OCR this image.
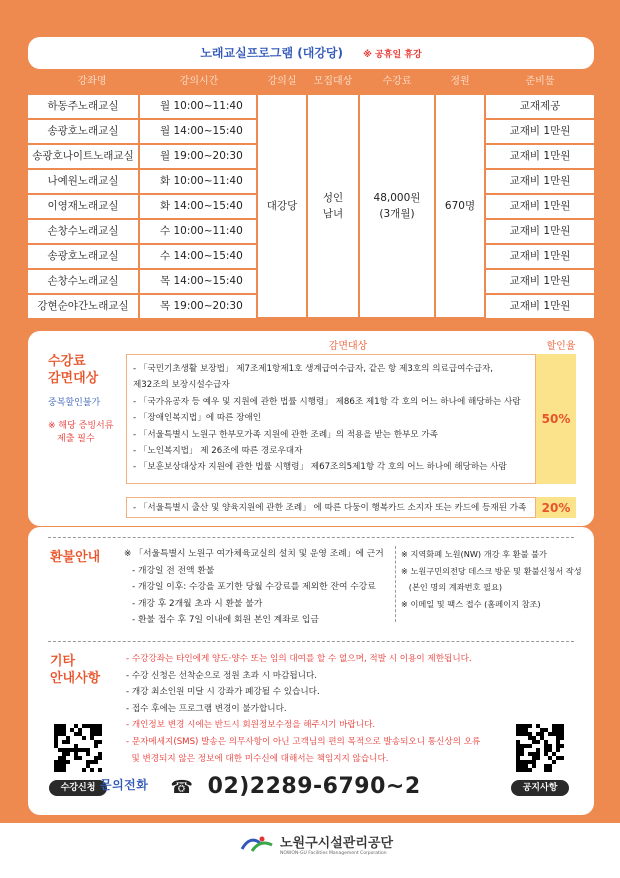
노래교실프로그램 (대강당) ※ 공휴일 휴강
강좌명	강의시간	강의실	모집대상	수강료	정원	준비물
하동주노래교실	월 10:00~11:40	교재제공
송광호노래교실	월 14:00~15:40	교재비 1만원
송광호나이트노래교실	월 19:00~20:30	교재비 1만원
나예원노래교실	화 10:00~11:40	교재비 1만원
이영재노래교실	화 14:00~15:40	교재비 1만원
손창수노래교실	수 10:00~11:40	교재비 1만원
송광호노래교실	수 14:00~15:40	교재비 1만원
손창수노래교실	목 14:00~15:40	교재비 1만원
강현순야간노래교실	목 19:00~20:30	교재비 1만원
대강당
성인
남녀
48,000원
(3개월)
670명
수강료
감면대상
중복할인불가
※ 해당 증빙서류
제출 필수
감면대상	할인율
- 「국민기초생활 보장법」 제7조제1항제1호 생계급여수급자, 같은 항 제3호의 의료급여수급자,
제32조의 보장시설수급자
- 「국가유공자 등 예우 및 지원에 관한 법률 시행령」 제86조 제1항 각 호의 어느 하나에 해당하는 사람
- 「장애인복지법」에 따른 장애인
- 「서울특별시 노원구 한부모가족 지원에 관한 조례」의 적용을 받는 한부모 가족
- 「노인복지법」 제 26조에 따른 경로우대자
- 「보훈보상대상자 지원에 관한 법률 시행령」 제67조의5제1항 각 호의 어느 하나에 해당하는 사람
50%
- 「서울특별시 출산 및 양육지원에 관한 조례」 에 따른 다둥이 행복카드 소지자 또는 카드에 등재된 가족	20%
환불안내	※ 「서울특별시 노원구 여가체육교실의 설치 및 운영 조례」에 근거
- 개강일 전 전액 환불
- 개강일 이후: 수강을 포기한 당월 수강료를 제외한 잔여 수강료
- 개강 후 2개월 초과 시 환불 불가
- 환불 접수 후 7일 이내에 회원 본인 계좌로 입금
※ 지역화폐 노원(NW) 개강 후 환불 불가
※ 노원구민의전당 데스크 방문 및 환불신청서 작성
(본인 명의 계좌번호 필요)
※ 이메일 및 팩스 접수 (홈페이지 참조)
기타
안내사항
- 수강강좌는 타인에게 양도·양수 또는 임의 대여를 할 수 없으며, 적발 시 이용이 제한됩니다.
- 수강 신청은 선착순으로 정원 초과 시 마감됩니다.
- 개강 최소인원 미달 시 강좌가 폐강될 수 있습니다.
- 접수 후에는 프로그램 변경이 불가합니다.
- 개인정보 변경 시에는 반드시 회원정보수정을 해주시기 바랍니다.
- 문자메세지(SMS) 발송은 의무사항이 아닌 고객님의 편의 목적으로 발송되오니 통신상의 오류
및 변경되지 않은 정보에 대한 미수신에 대해서는 책임지지 않습니다.
수강신청	공지사항
문의전화 ☎ 02)2289-6790~2
노원구시설관리공단
NOWON-GU Facilities Management Corporation
